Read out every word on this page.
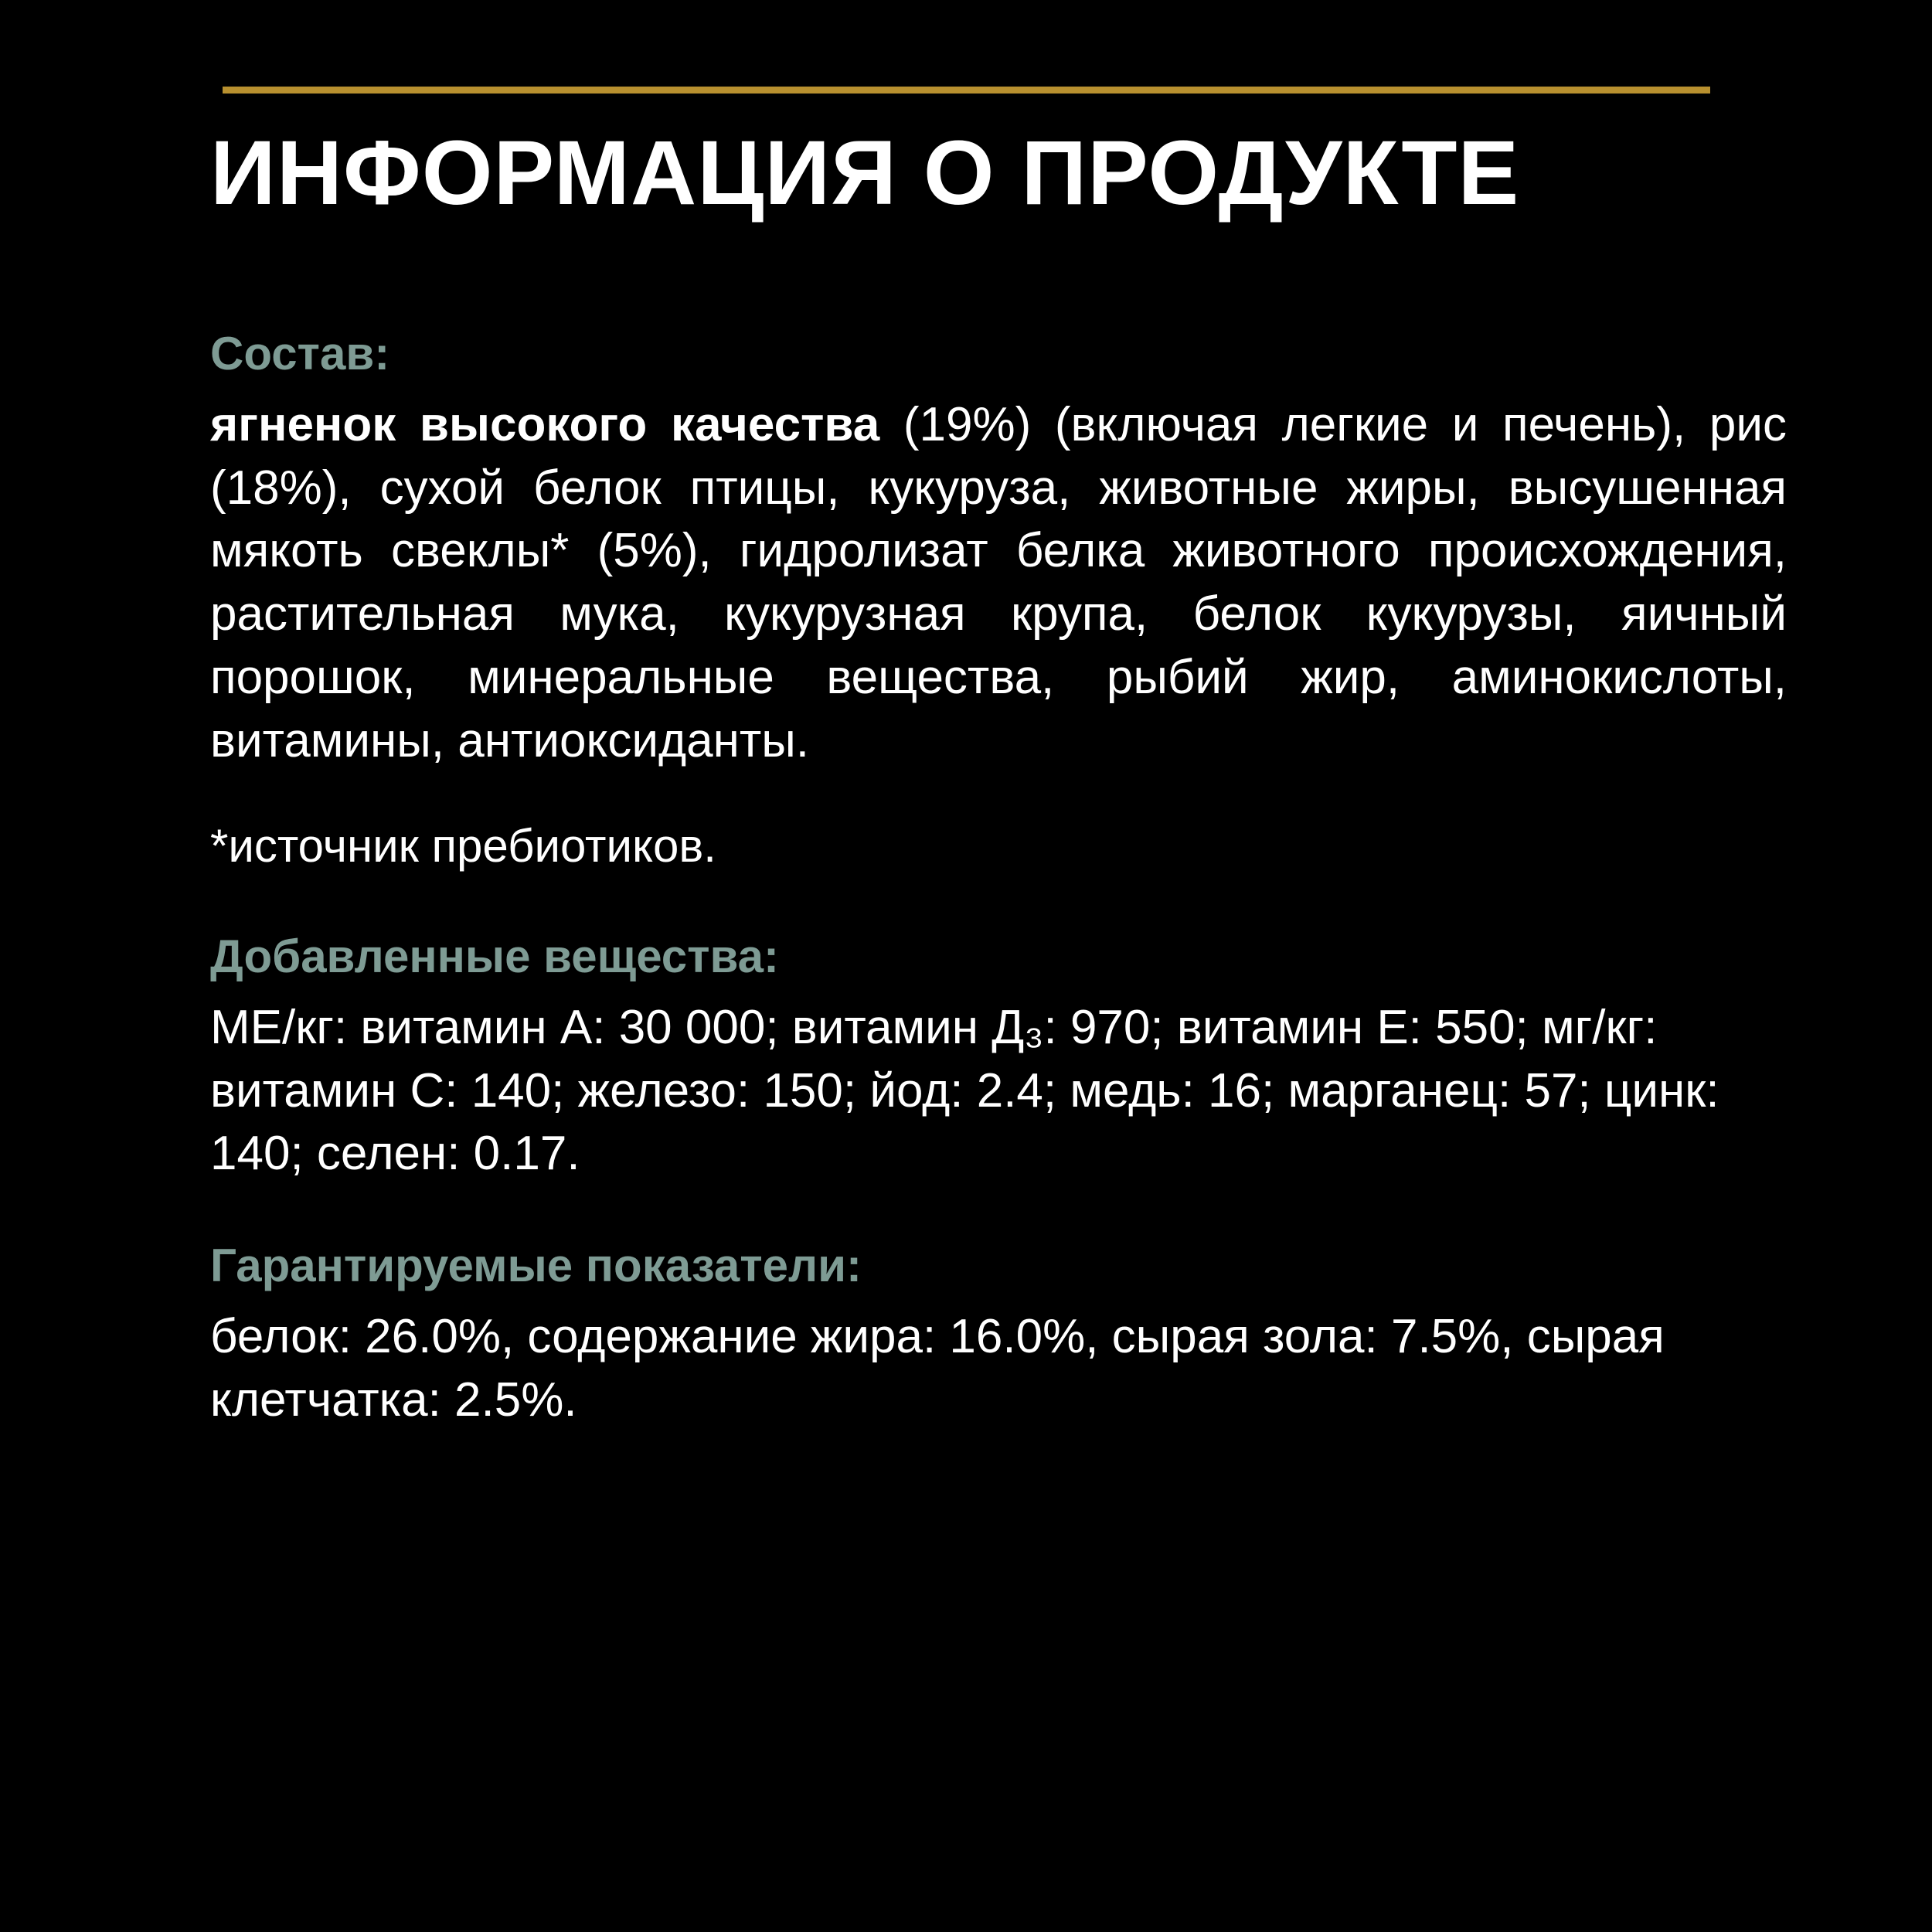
ИНФОРМАЦИЯ О ПРОДУКТЕ
Состав:

ягненок высокого качества (19%) (включая легкие и печень), рис (18%), сухой белок птицы, кукуруза, животные жиры, высушенная мякоть свеклы* (5%), гидролизат белка животного происхождения, растительная мука, кукурузная крупа, белок кукурузы, яичный порошок, минеральные вещества, рыбий жир, аминокислоты, витамины, антиоксиданты.

*источник пребиотиков.

Добавленные вещества:

МЕ/кг: витамин А: 30 000; витамин Д₃: 970; витамин Е: 550; мг/кг: витамин С: 140; железо: 150; йод: 2.4; медь: 16; марганец: 57; цинк: 140; селен: 0.17.

Гарантируемые показатели:

белок: 26.0%, содержание жира: 16.0%, сырая зола: 7.5%, сырая клетчатка: 2.5%.
